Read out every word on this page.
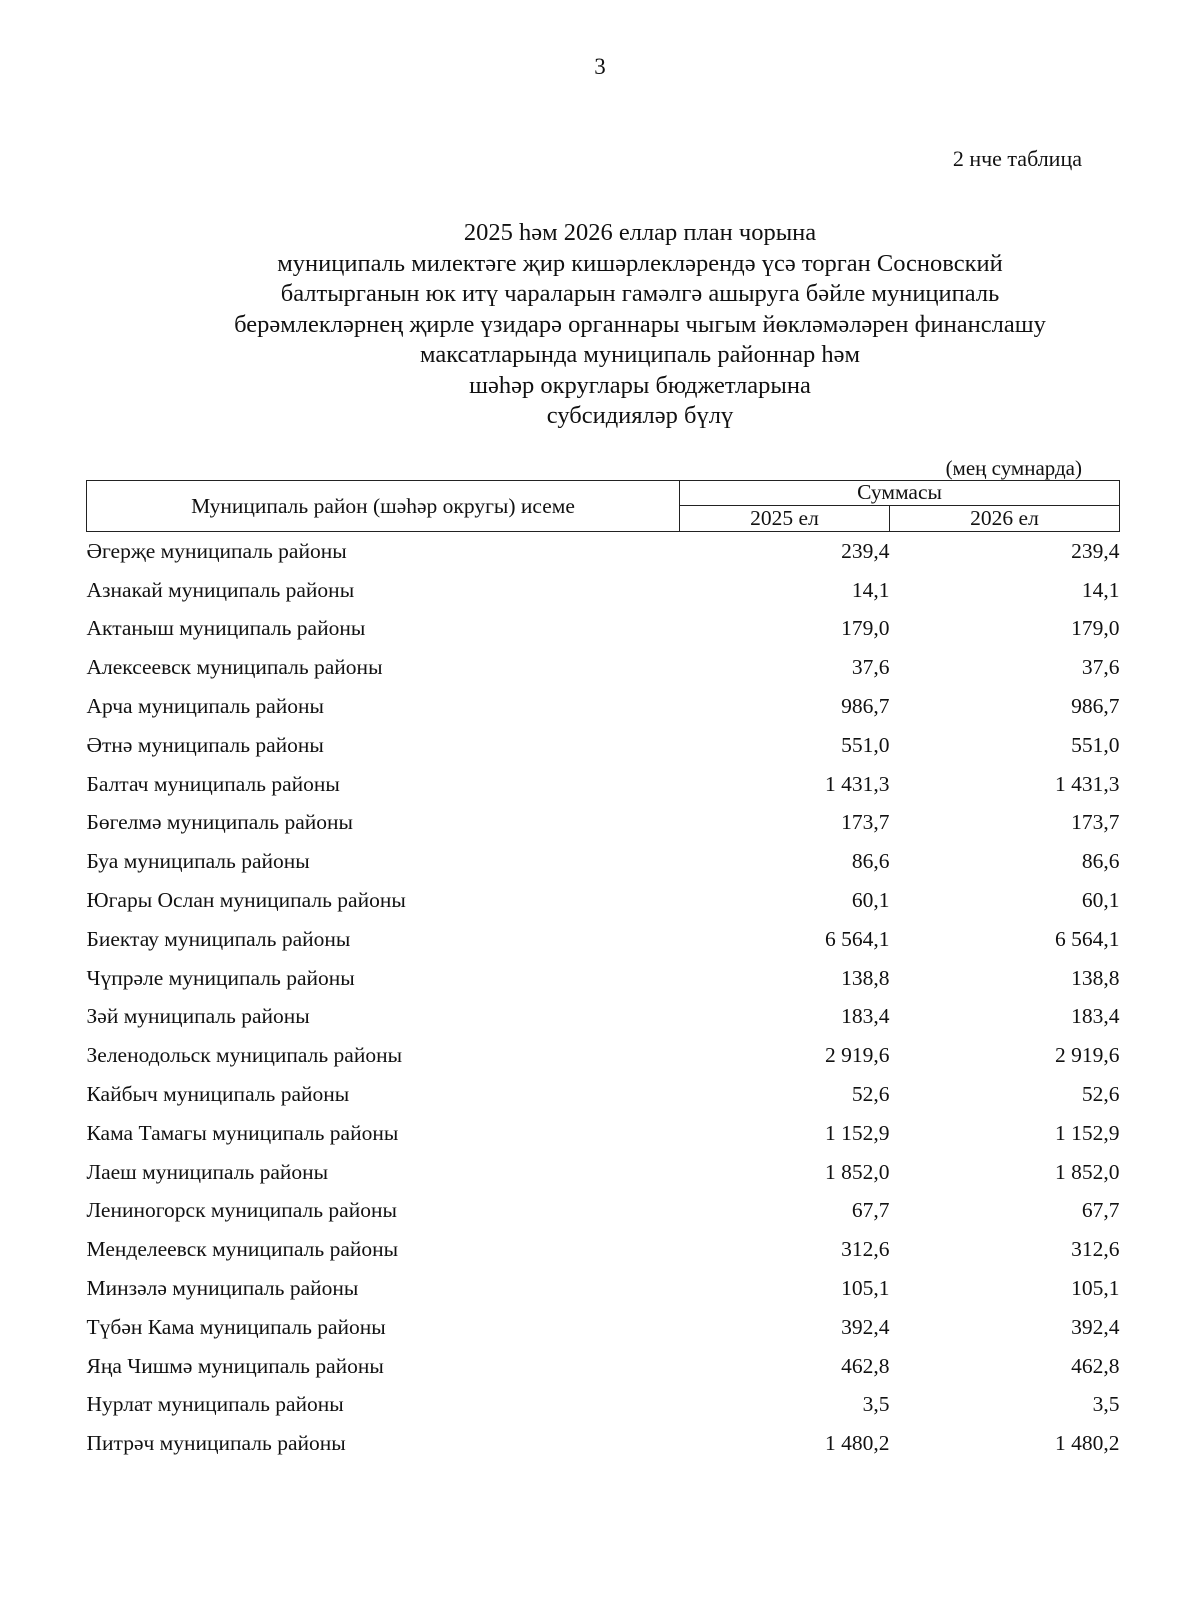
3
2 нче таблица
2025 һәм 2026 еллар план чорына
муниципаль милектәге җир кишәрлекләрендә үсә торган Сосновский
балтырганын юк итү чараларын гамәлгә ашыруга бәйле муниципаль
берәмлекләрнең җирле үзидарә органнары чыгым йөкләмәләрен финанслашу
максатларында муниципаль районнар һәм
шәһәр округлары бюджетларына
субсидияләр бүлү
(мең сумнарда)
Муниципаль район (шәһәр округы) исеме	Суммасы	
	2025 ел	2026 ел
Әгерҗе муниципаль районы	239,4	239,4
Азнакай муниципаль районы	14,1	14,1
Актаныш муниципаль районы	179,0	179,0
Алексеевск муниципаль районы	37,6	37,6
Арча муниципаль районы	986,7	986,7
Әтнә муниципаль районы	551,0	551,0
Балтач муниципаль районы	1 431,3	1 431,3
Бөгелмә муниципаль районы	173,7	173,7
Буа муниципаль районы	86,6	86,6
Югары Ослан муниципаль районы	60,1	60,1
Биектау муниципаль районы	6 564,1	6 564,1
Чүпрәле муниципаль районы	138,8	138,8
Зәй муниципаль районы	183,4	183,4
Зеленодольск муниципаль районы	2 919,6	2 919,6
Кайбыч муниципаль районы	52,6	52,6
Кама Тамагы муниципаль районы	1 152,9	1 152,9
Лаеш муниципаль районы	1 852,0	1 852,0
Лениногорск муниципаль районы	67,7	67,7
Менделеевск муниципаль районы	312,6	312,6
Минзәлә муниципаль районы	105,1	105,1
Түбән Кама муниципаль районы	392,4	392,4
Яңа Чишмә муниципаль районы	462,8	462,8
Нурлат муниципаль районы	3,5	3,5
Питрәч муниципаль районы	1 480,2	1 480,2
